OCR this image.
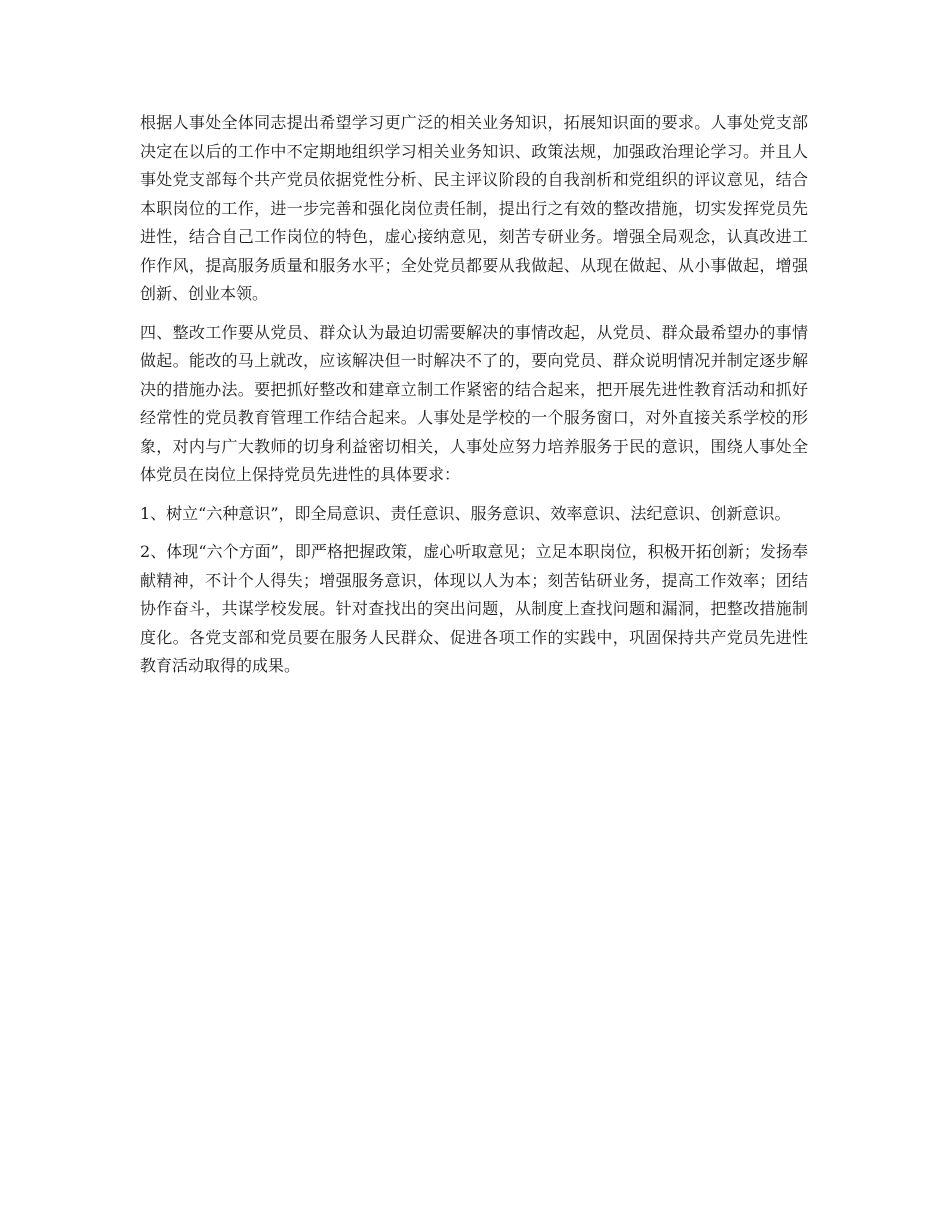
根据人事处全体同志提出希望学习更广泛的相关业务知识，拓展知识面的要求。人事处党支部决定在以后的工作中不定期地组织学习相关业务知识、政策法规，加强政治理论学习。并且人事处党支部每个共产党员依据党性分析、民主评议阶段的自我剖析和党组织的评议意见，结合本职岗位的工作，进一步完善和强化岗位责任制，提出行之有效的整改措施，切实发挥党员先进性，结合自己工作岗位的特色，虚心接纳意见，刻苦专研业务。增强全局观念，认真改进工作作风，提高服务质量和服务水平；全处党员都要从我做起、从现在做起、从小事做起，增强创新、创业本领。

四、整改工作要从党员、群众认为最迫切需要解决的事情改起，从党员、群众最希望办的事情做起。能改的马上就改，应该解决但一时解决不了的，要向党员、群众说明情况并制定逐步解决的措施办法。要把抓好整改和建章立制工作紧密的结合起来，把开展先进性教育活动和抓好经常性的党员教育管理工作结合起来。人事处是学校的一个服务窗口，对外直接关系学校的形象，对内与广大教师的切身利益密切相关，人事处应努力培养服务于民的意识，围绕人事处全体党员在岗位上保持党员先进性的具体要求：

1、树立“六种意识”，即全局意识、责任意识、服务意识、效率意识、法纪意识、创新意识。

2、体现“六个方面”，即严格把握政策，虚心听取意见；立足本职岗位，积极开拓创新；发扬奉献精神，不计个人得失；增强服务意识，体现以人为本；刻苦钻研业务，提高工作效率；团结协作奋斗，共谋学校发展。针对查找出的突出问题，从制度上查找问题和漏洞，把整改措施制度化。各党支部和党员要在服务人民群众、促进各项工作的实践中，巩固保持共产党员先进性教育活动取得的成果。
